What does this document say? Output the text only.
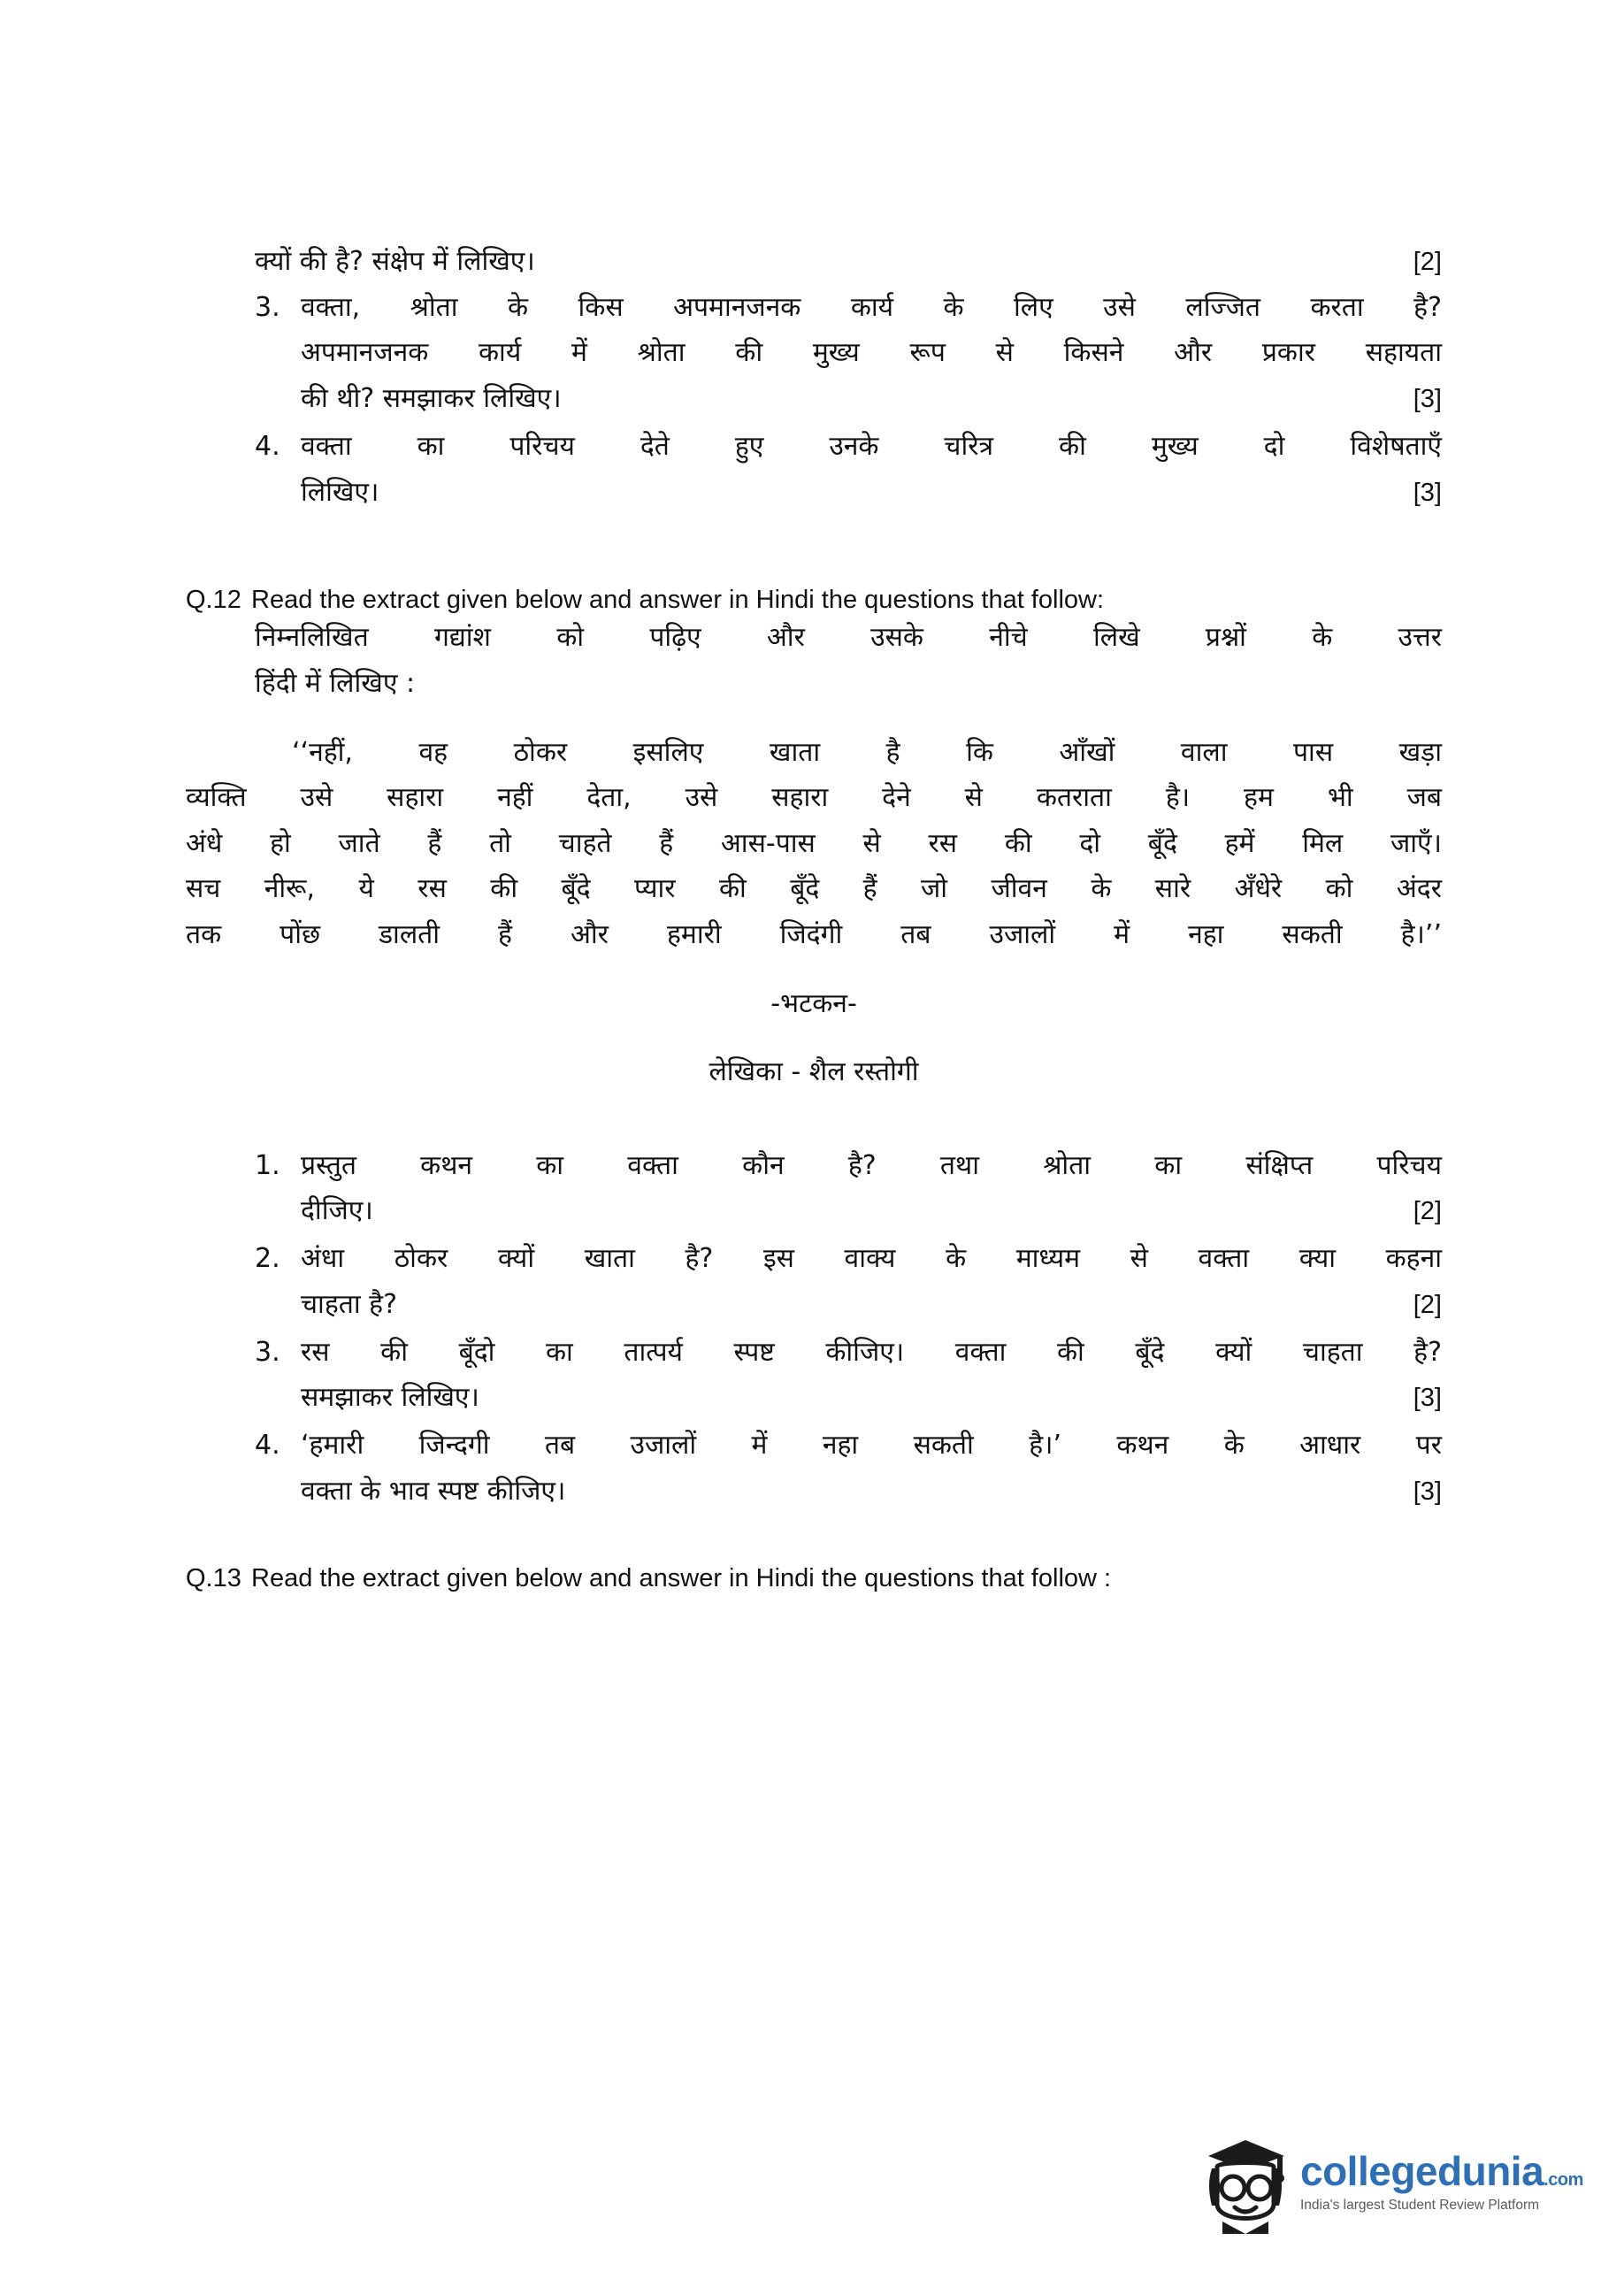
क्यों की है? संक्षेप में लिखिए।	[2]
3. वक्ता, श्रोता के किस अपमानजनक कार्य के लिए उसे लज्जित करता है?
अपमानजनक कार्य में श्रोता की मुख्य रूप से किसने और प्रकार सहायता
की थी? समझाकर लिखिए।	[3]
4. वक्ता का परिचय देते हुए उनके चरित्र की मुख्य दो विशेषताएँ
लिखिए।	[3]
Q.12 Read the extract given below and answer in Hindi the questions that follow:
निम्नलिखित गद्यांश को पढ़िए और उसके नीचे लिखे प्रश्नों के उत्तर
हिंदी में लिखिए :
‘‘नहीं, वह ठोकर इसलिए खाता है कि आँखों वाला पास खड़ा
व्यक्ति उसे सहारा नहीं देता, उसे सहारा देने से कतराता है। हम भी जब
अंधे हो जाते हैं तो चाहते हैं आस-पास से रस की दो बूँदे हमें मिल जाएँ।
सच नीरू, ये रस की बूँदे प्यार की बूँदे हैं जो जीवन के सारे अँधेरे को अंदर
तक पोंछ डालती हैं और हमारी जिदंगी तब उजालों में नहा सकती है।’’
-भटकन-
लेखिका - शैल रस्तोगी
1. प्रस्तुत कथन का वक्ता कौन है? तथा श्रोता का संक्षिप्त परिचय
दीजिए।	[2]
2. अंधा ठोकर क्यों खाता है? इस वाक्य के माध्यम से वक्ता क्या कहना
चाहता है?	[2]
3. रस की बूँदो का तात्पर्य स्पष्ट कीजिए। वक्ता की बूँदे क्यों चाहता है?
समझाकर लिखिए।	[3]
4. ‘हमारी जिन्दगी तब उजालों में नहा सकती है।’ कथन के आधार पर
वक्ता के भाव स्पष्ट कीजिए।	[3]
Q.13 Read the extract given below and answer in Hindi the questions that follow :
collegedunia.com
India's largest Student Review Platform
